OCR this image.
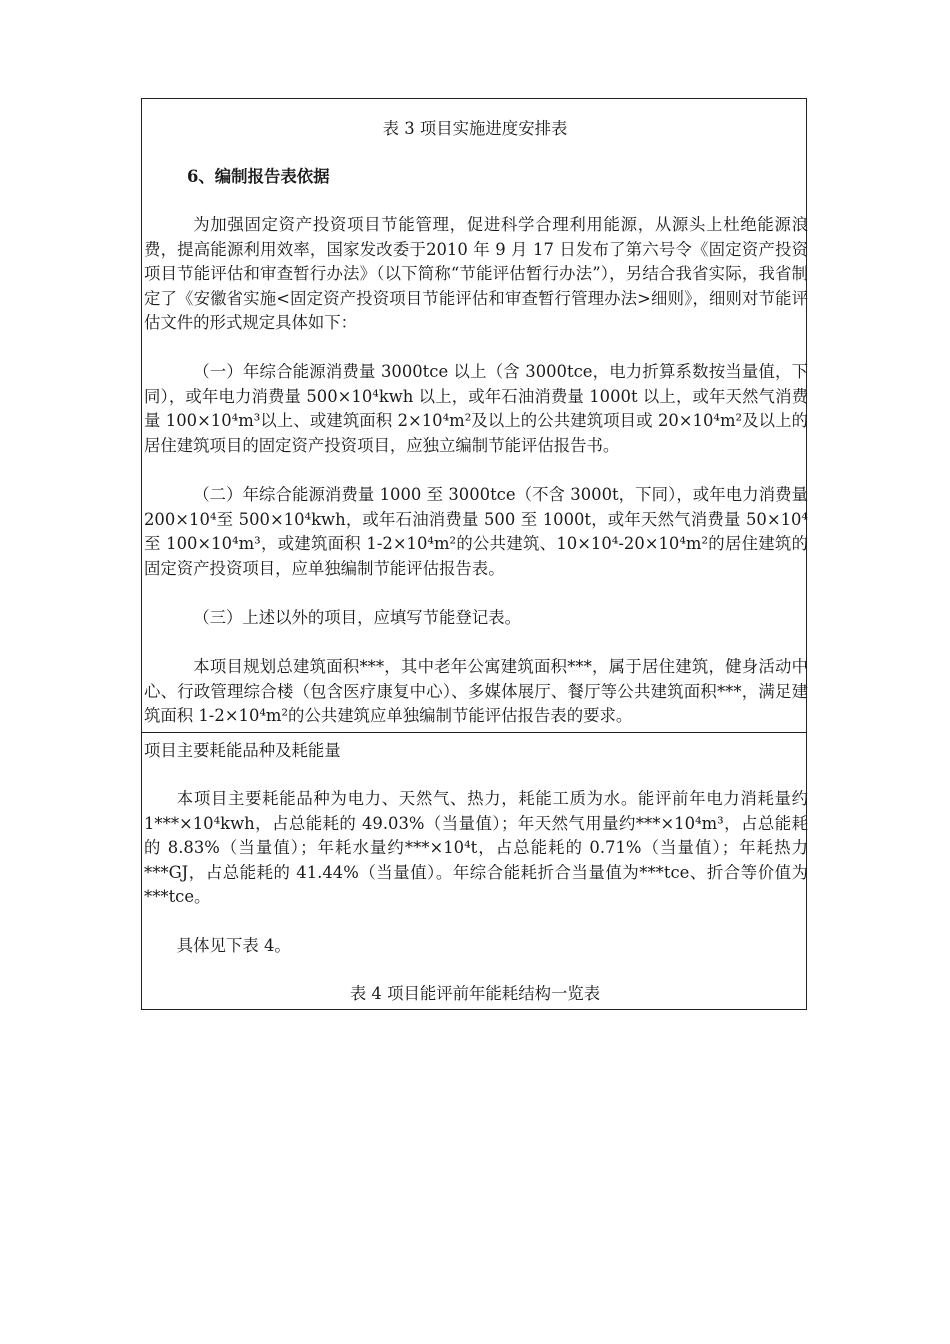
表 3 项目实施进度安排表

6、编制报告表依据

为加强固定资产投资项目节能管理，促进科学合理利用能源，从源头上杜绝能源浪费，提高能源利用效率，国家发改委于2010 年 9 月 17 日发布了第六号令《固定资产投资项目节能评估和审查暂行办法》（以下简称“节能评估暂行办法”），另结合我省实际，我省制定了《安徽省实施<固定资产投资项目节能评估和审查暂行管理办法>细则》，细则对节能评估文件的形式规定具体如下：

（一）年综合能源消费量 3000tce 以上（含 3000tce，电力折算系数按当量值，下同），或年电力消费量 500×10⁴kwh 以上，或年石油消费量 1000t 以上，或年天然气消费量 100×10⁴m³以上、或建筑面积 2×10⁴m²及以上的公共建筑项目或 20×10⁴m²及以上的居住建筑项目的固定资产投资项目，应独立编制节能评估报告书。

（二）年综合能源消费量 1000 至 3000tce（不含 3000t，下同），或年电力消费量 200×10⁴至 500×10⁴kwh，或年石油消费量 500 至 1000t，或年天然气消费量 50×10⁴至 100×10⁴m³，或建筑面积 1-2×10⁴m²的公共建筑、10×10⁴-20×10⁴m²的居住建筑的固定资产投资项目，应单独编制节能评估报告表。

（三）上述以外的项目，应填写节能登记表。

本项目规划总建筑面积***，其中老年公寓建筑面积***，属于居住建筑，健身活动中心、行政管理综合楼（包含医疗康复中心）、多媒体展厅、餐厅等公共建筑面积***，满足建筑面积 1-2×10⁴m²的公共建筑应单独编制节能评估报告表的要求。

项目主要耗能品种及耗能量

本项目主要耗能品种为电力、天然气、热力，耗能工质为水。能评前年电力消耗量约 1***×10⁴kwh，占总能耗的 49.03%（当量值）；年天然气用量约***×10⁴m³，占总能耗的 8.83%（当量值）；年耗水量约***×10⁴t，占总能耗的 0.71%（当量值）；年耗热力***GJ，占总能耗的 41.44%（当量值）。年综合能耗折合当量值为***tce、折合等价值为***tce。

具体见下表 4。

表 4 项目能评前年能耗结构一览表
